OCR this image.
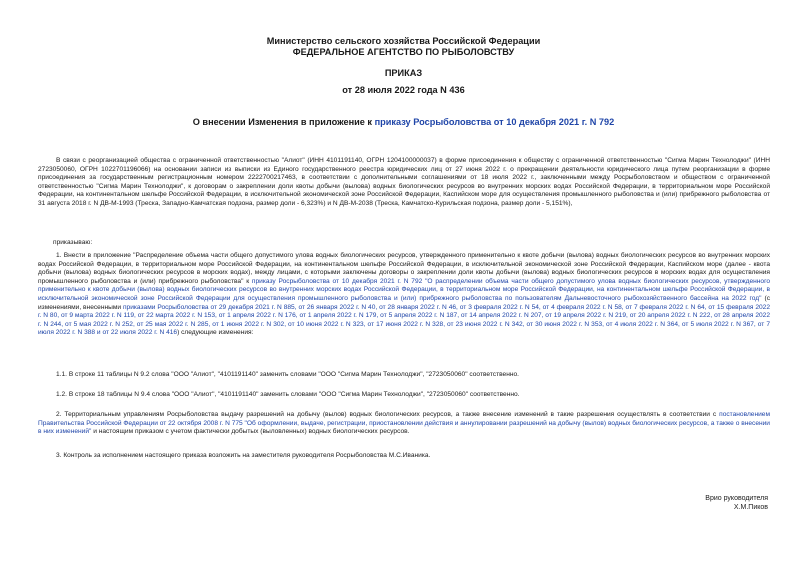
Министерство сельского хозяйства Российской Федерации
ФЕДЕРАЛЬНОЕ АГЕНТСТВО ПО РЫБОЛОВСТВУ
ПРИКАЗ
от 28 июля 2022 года N 436
О внесении Изменения в приложение к приказу Росрыболовства от 10 декабря 2021 г. N 792

В связи с реорганизацией общества с ограниченной ответственностью "Алиот" (ИНН 4101191140, ОГРН 1204100000037) в форме присоединения к обществу с ограниченной ответственностью "Сигма Марин Технолоджи" (ИНН 2723050060, ОГРН 1022701196066) на основании записи из выписки из Единого государственного реестра юридических лиц от 27 июня 2022 г. о прекращении деятельности юридического лица путем реорганизации в форме присоединения за государственным регистрационным номером 2222700217463, в соответствии с дополнительными соглашениями от 18 июля 2022 г., заключенными между Росрыболовством и обществом с ограниченной ответственностью "Сигма Марин Технолоджи", к договорам о закреплении доли квоты добычи (вылова) водных биологических ресурсов во внутренних морских водах Российской Федерации, в территориальном море Российской Федерации, на континентальном шельфе Российской Федерации, в исключительной экономической зоне Российской Федерации, Каспийском море для осуществления промышленного рыболовства и (или) прибрежного рыболовства от 31 августа 2018 г. N ДВ-М-1993 (Треска, Западно-Камчатская подзона, размер доли - 6,323%) и N ДВ-М-2038 (Треска, Камчатско-Курильская подзона, размер доли - 5,151%),

приказываю:

1. Внести в приложение "Распределение объема части общего допустимого улова водных биологических ресурсов, утвержденного применительно к квоте добычи (вылова) водных биологических ресурсов во внутренних морских водах Российской Федерации, в территориальном море Российской Федерации, на континентальном шельфе Российской Федерации, в исключительной экономической зоне Российской Федерации, Каспийском море (далее - квота добычи (вылова) водных биологических ресурсов в морских водах), между лицами, с которыми заключены договоры о закреплении доли квоты добычи (вылова) водных биологических ресурсов в морских водах для осуществления промышленного рыболовства и (или) прибрежного рыболовства" к приказу Росрыболовства от 10 декабря 2021 г. N 792 "О распределении объема части общего допустимого улова водных биологических ресурсов, утвержденного применительно к квоте добычи (вылова) водных биологических ресурсов во внутренних морских водах Российской Федерации, в территориальном море Российской Федерации, на континентальном шельфе Российской Федерации, в исключительной экономической зоне Российской Федерации для осуществления промышленного рыболовства и (или) прибрежного рыболовства по пользователям Дальневосточного рыбохозяйственного бассейна на 2022 год" (с изменениями, внесенными приказами Росрыболовства от 29 декабря 2021 г. N 885, от 26 января 2022 г. N 40, от 28 января 2022 г. N 46, от 3 февраля 2022 г. N 54, от 4 февраля 2022 г. N 58, от 7 февраля 2022 г. N 64, от 15 февраля 2022 г. N 80, от 9 марта 2022 г. N 119, от 22 марта 2022 г. N 153, от 1 апреля 2022 г. N 176, от 1 апреля 2022 г. N 179, от 5 апреля 2022 г. N 187, от 14 апреля 2022 г. N 207, от 19 апреля 2022 г. N 219, от 20 апреля 2022 г. N 222, от 28 апреля 2022 г. N 244, от 5 мая 2022 г. N 252, от 25 мая 2022 г. N 285, от 1 июня 2022 г. N 302, от 10 июня 2022 г. N 323, от 17 июня 2022 г. N 328, от 23 июня 2022 г. N 342, от 30 июня 2022 г. N 353, от 4 июля 2022 г. N 364, от 5 июля 2022 г. N 367, от 7 июля 2022 г. N 388 и от 22 июля 2022 г. N 416) следующие изменения:

1.1. В строке 11 таблицы N 9.2 слова "ООО "Алиот", "4101191140" заменить словами "ООО "Сигма Марин Технолоджи", "2723050060" соответственно.

1.2. В строке 18 таблицы N 9.4 слова "ООО "Алиот", "4101191140" заменить словами "ООО "Сигма Марин Технолоджи", "2723050060" соответственно.

2. Территориальным управлениям Росрыболовства выдачу разрешений на добычу (вылов) водных биологических ресурсов, а также внесение изменений в такие разрешения осуществлять в соответствии с постановлением Правительства Российской Федерации от 22 октября 2008 г. N 775 "Об оформлении, выдаче, регистрации, приостановлении действия и аннулировании разрешений на добычу (вылов) водных биологических ресурсов, а также о внесении в них изменений" и настоящим приказом с учетом фактически добытых (выловленных) водных биологических ресурсов.

3. Контроль за исполнением настоящего приказа возложить на заместителя руководителя Росрыболовства М.С.Иваника.

Врио руководителя
Х.М.Пиков
